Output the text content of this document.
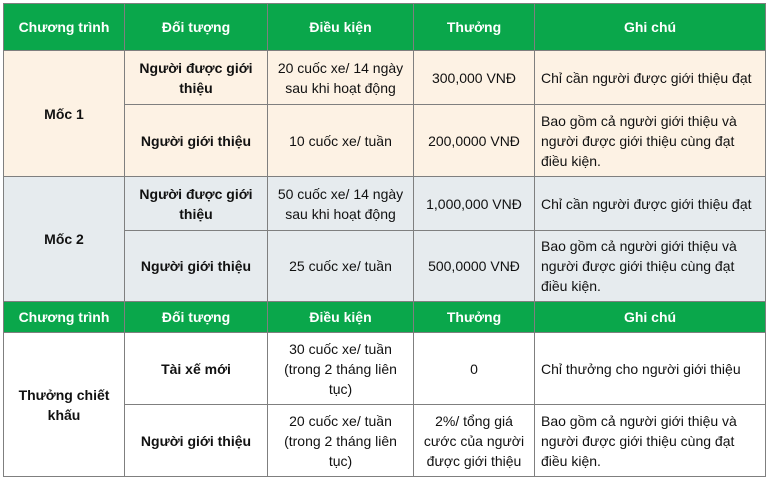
Chương trình	Đối tượng	Điều kiện	Thưởng	Ghi chú
Mốc 1	Người được giới thiệu	20 cuốc xe/ 14 ngày sau khi hoạt động	300,000 VNĐ	Chỉ cần người được giới thiệu đạt
	Người giới thiệu	10 cuốc xe/ tuần	200,0000 VNĐ	Bao gồm cả người giới thiệu và người được giới thiệu cùng đạt điều kiện.
Mốc 2	Người được giới thiệu	50 cuốc xe/ 14 ngày sau khi hoạt động	1,000,000 VNĐ	Chỉ cần người được giới thiệu đạt
	Người giới thiệu	25 cuốc xe/ tuần	500,0000 VNĐ	Bao gồm cả người giới thiệu và người được giới thiệu cùng đạt điều kiện.
Chương trình	Đối tượng	Điều kiện	Thưởng	Ghi chú
Thưởng chiết khấu	Tài xế mới	30 cuốc xe/ tuần (trong 2 tháng liên tục)	0	Chỉ thưởng cho người giới thiệu
	Người giới thiệu	20 cuốc xe/ tuần (trong 2 tháng liên tục)	2%/ tổng giá cước của người được giới thiệu	Bao gồm cả người giới thiệu và người được giới thiệu cùng đạt điều kiện.
